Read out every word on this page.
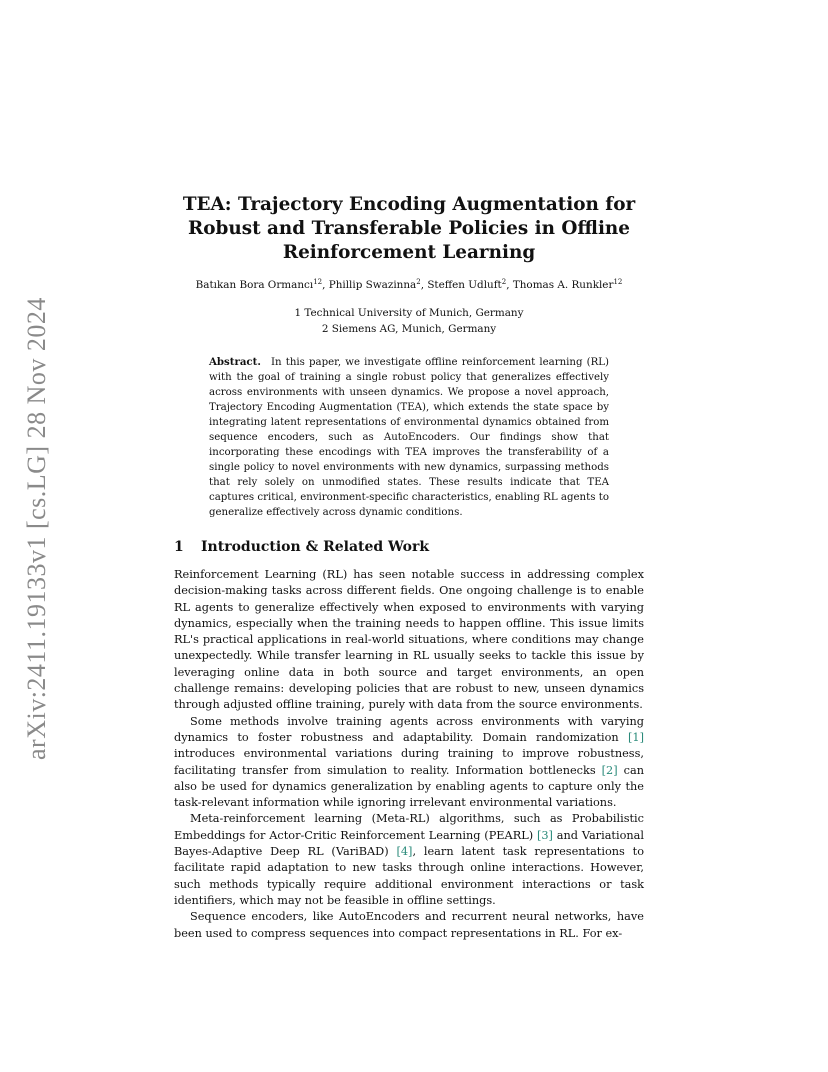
arXiv:2411.19133v1 [cs.LG] 28 Nov 2024
TEA: Trajectory Encoding Augmentation for Robust and Transferable Policies in Offline Reinforcement Learning
Batıkan Bora Ormancı$^{12}$, Phillip Swazinna$^2$, Steffen Udluft$^2$, Thomas A. Runkler$^{12}$
1 Technical University of Munich, Germany
2 Siemens AG, Munich, Germany
Abstract. In this paper, we investigate offline reinforcement learning (RL) with the goal of training a single robust policy that generalizes effectively across environments with unseen dynamics. We propose a novel approach, Trajectory Encoding Augmentation (TEA), which extends the state space by integrating latent representations of environmental dynamics obtained from sequence encoders, such as AutoEncoders. Our findings show that incorporating these encodings with TEA improves the transferability of a single policy to novel environments with new dynamics, surpassing methods that rely solely on unmodified states. These results indicate that TEA captures critical, environment-specific characteristics, enabling RL agents to generalize effectively across dynamic conditions.
1 Introduction & Related Work

Reinforcement Learning (RL) has seen notable success in addressing complex decision-making tasks across different fields. One ongoing challenge is to enable RL agents to generalize effectively when exposed to environments with varying dynamics, especially when the training needs to happen offline. This issue limits RL's practical applications in real-world situations, where conditions may change unexpectedly. While transfer learning in RL usually seeks to tackle this issue by leveraging online data in both source and target environments, an open challenge remains: developing policies that are robust to new, unseen dynamics through adjusted offline training, purely with data from the source environments.

Some methods involve training agents across environments with varying dynamics to foster robustness and adaptability. Domain randomization [1] introduces environmental variations during training to improve robustness, facilitating transfer from simulation to reality. Information bottlenecks [2] can also be used for dynamics generalization by enabling agents to capture only the task-relevant information while ignoring irrelevant environmental variations.

Meta-reinforcement learning (Meta-RL) algorithms, such as Probabilistic Embeddings for Actor-Critic Reinforcement Learning (PEARL) [3] and Variational Bayes-Adaptive Deep RL (VariBAD) [4], learn latent task representations to facilitate rapid adaptation to new tasks through online interactions. However, such methods typically require additional environment interactions or task identifiers, which may not be feasible in offline settings.

Sequence encoders, like AutoEncoders and recurrent neural networks, have been used to compress sequences into compact representations in RL. For ex-
